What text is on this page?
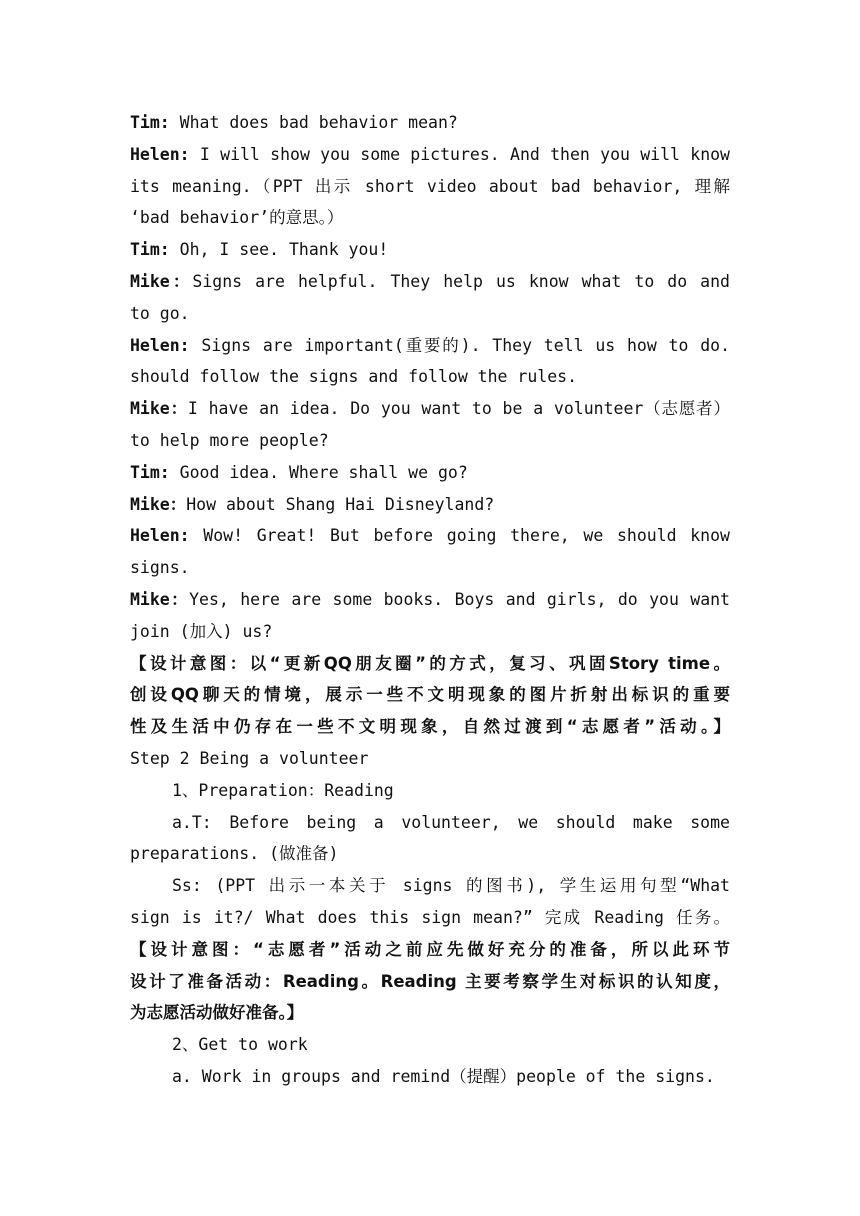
Tim: What does bad behavior mean?
Helen: I will show you some pictures. And then you will know
its meaning.（PPT 出示 short video about bad behavior, 理解
‘bad behavior’的意思。）
Tim: Oh, I see. Thank you!
Mike：Signs are helpful. They help us know what to do and
to go.
Helen: Signs are important(重要的). They tell us how to do.
should follow the signs and follow the rules.
Mike：I have an idea. Do you want to be a volunteer（志愿者）
to help more people?
Tim: Good idea. Where shall we go?
Mike：How about Shang Hai Disneyland?
Helen: Wow! Great! But before going there, we should know
signs.
Mike：Yes, here are some books. Boys and girls, do you want
join (加入) us?
【设计意图：以“更新QQ朋友圈”的方式，复习、巩固Story time。
创设QQ聊天的情境，展示一些不文明现象的图片折射出标识的重要
性及生活中仍存在一些不文明现象，自然过渡到“志愿者”活动。】
Step 2 Being a volunteer
1、Preparation：Reading
a.T: Before being a volunteer, we should make some
preparations. (做准备)
Ss: (PPT 出示一本关于 signs 的图书), 学生运用句型“What
sign is it?/ What does this sign mean?” 完成 Reading 任务。
【设计意图：“志愿者”活动之前应先做好充分的准备，所以此环节
设计了准备活动：Reading。Reading 主要考察学生对标识的认知度，
为志愿活动做好准备。】
2、Get to work
a. Work in groups and remind（提醒）people of the signs.
